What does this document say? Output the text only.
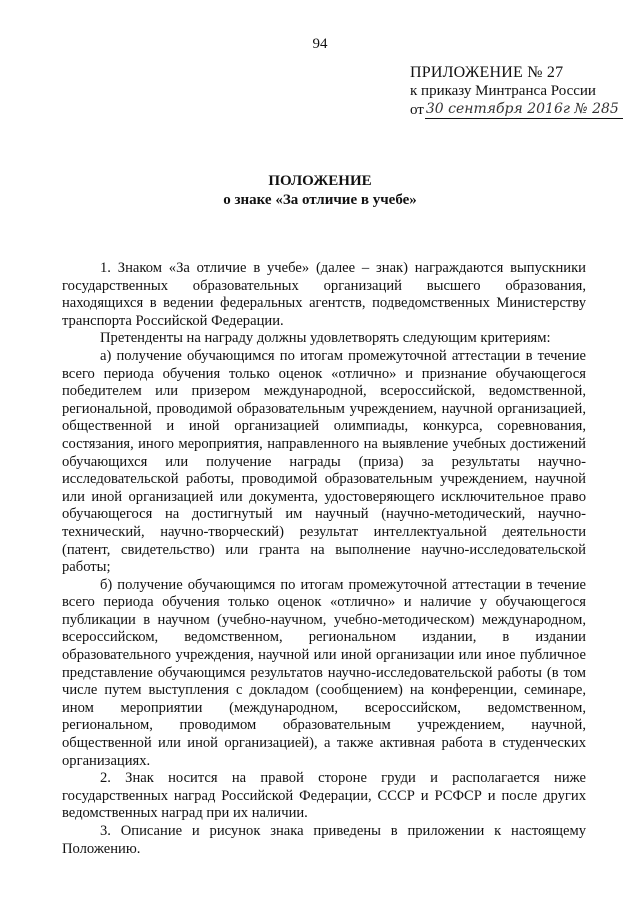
94
ПРИЛОЖЕНИЕ № 27
к приказу Минтранса России
от 30 сентября 2016г № 285
ПОЛОЖЕНИЕ
о знаке «За отличие в учебе»

1. Знаком «За отличие в учебе» (далее – знак) награждаются выпускники государственных образовательных организаций высшего образования, находящихся в ведении федеральных агентств, подведомственных Министерству транспорта Российской Федерации.

Претенденты на награду должны удовлетворять следующим критериям:

а) получение обучающимся по итогам промежуточной аттестации в течение всего периода обучения только оценок «отлично» и признание обучающегося победителем или призером международной, всероссийской, ведомственной, региональной, проводимой образовательным учреждением, научной организацией, общественной и иной организацией олимпиады, конкурса, соревнования, состязания, иного мероприятия, направленного на выявление учебных достижений обучающихся или получение награды (приза) за результаты научно-исследовательской работы, проводимой образовательным учреждением, научной или иной организацией или документа, удостоверяющего исключительное право обучающегося на достигнутый им научный (научно-методический, научно-технический, научно-творческий) результат интеллектуальной деятельности (патент, свидетельство) или гранта на выполнение научно-исследовательской работы;

б) получение обучающимся по итогам промежуточной аттестации в течение всего периода обучения только оценок «отлично» и наличие у обучающегося публикации в научном (учебно-научном, учебно-методическом) международном, всероссийском, ведомственном, региональном издании, в издании образовательного учреждения, научной или иной организации или иное публичное представление обучающимся результатов научно-исследовательской работы (в том числе путем выступления с докладом (сообщением) на конференции, семинаре, ином мероприятии (международном, всероссийском, ведомственном, региональном, проводимом образовательным учреждением, научной, общественной или иной организацией), а также активная работа в студенческих организациях.

2. Знак носится на правой стороне груди и располагается ниже государственных наград Российской Федерации, СССР и РСФСР и после других ведомственных наград при их наличии.

3. Описание и рисунок знака приведены в приложении к настоящему Положению.
